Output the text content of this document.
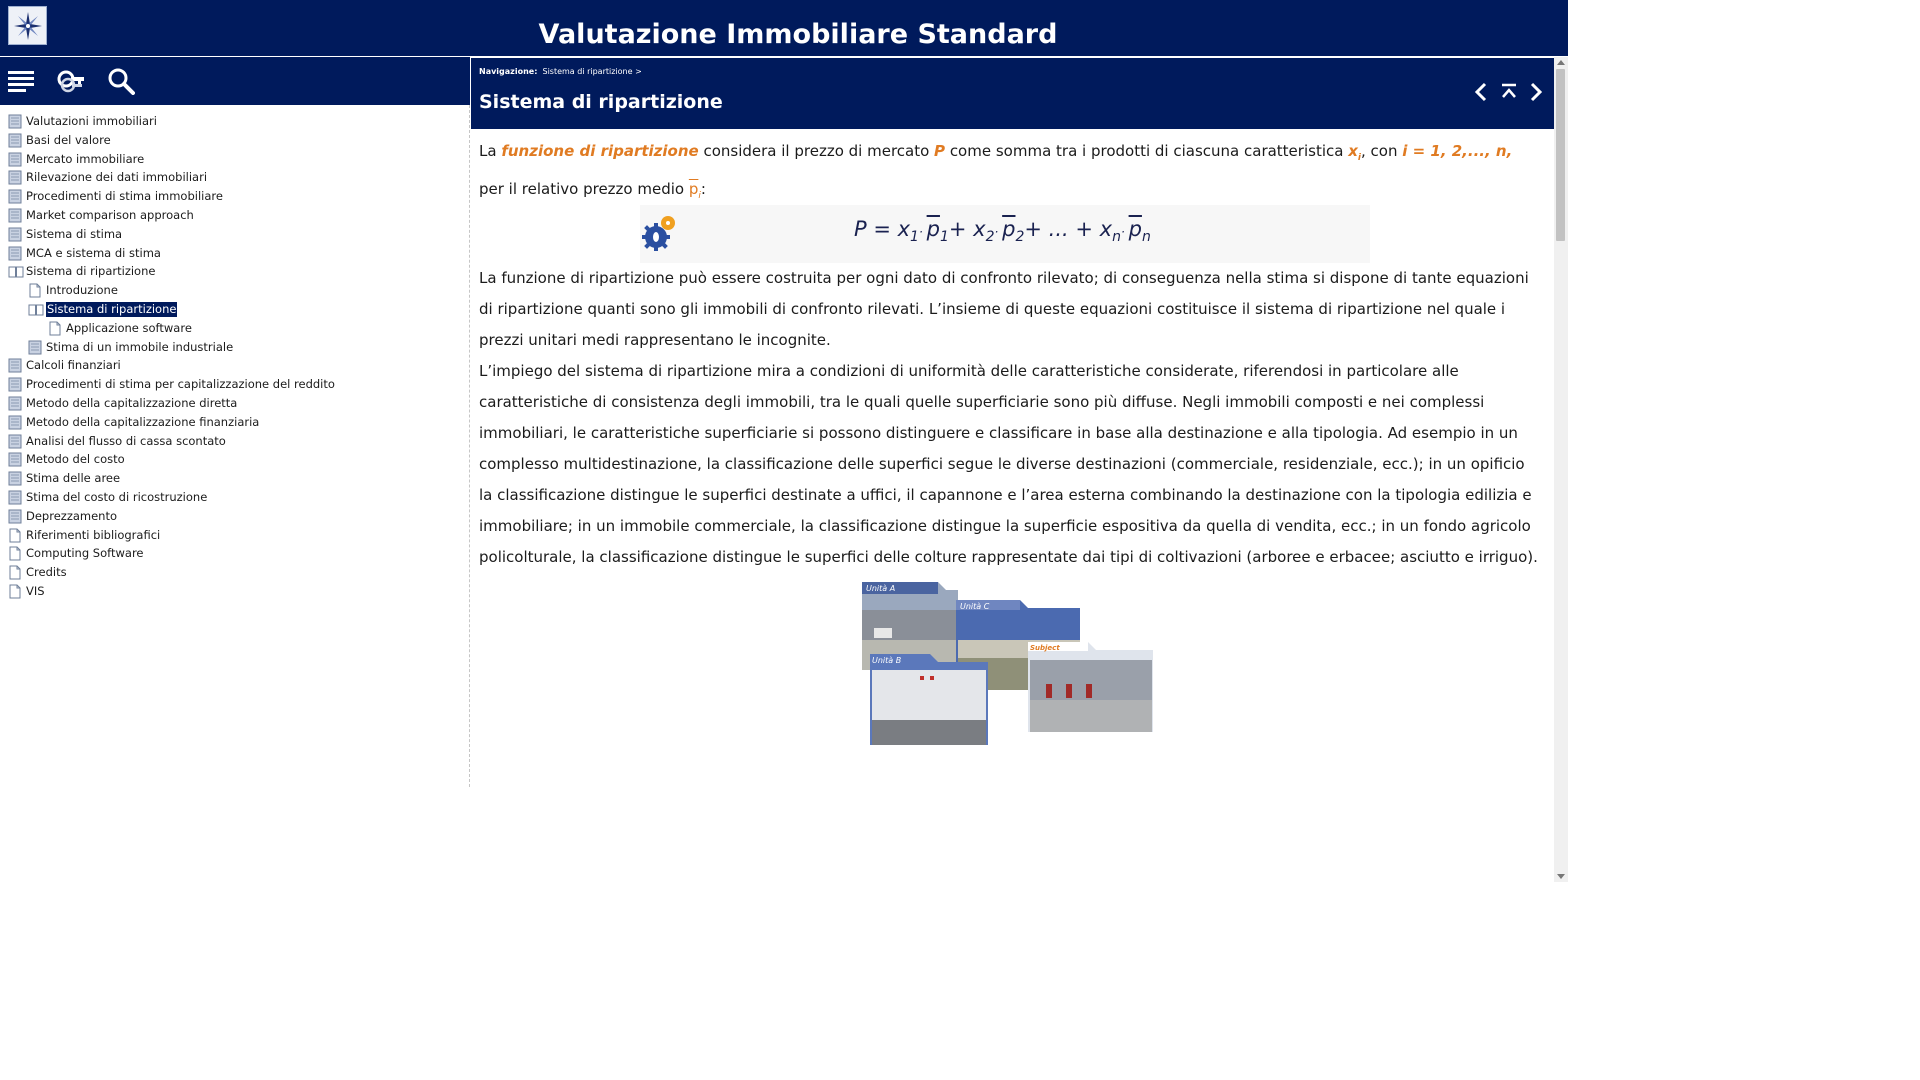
Valutazione Immobiliare Standard
Valutazioni immobiliari
Basi del valore
Mercato immobiliare
Rilevazione dei dati immobiliari
Procedimenti di stima immobiliare
Market comparison approach
Sistema di stima
MCA e sistema di stima
Sistema di ripartizione
Introduzione
Sistema di ripartizione
Applicazione software
Stima di un immobile industriale
Calcoli finanziari
Procedimenti di stima per capitalizzazione del reddito
Metodo della capitalizzazione diretta
Metodo della capitalizzazione finanziaria
Analisi del flusso di cassa scontato
Metodo del costo
Stima delle aree
Stima del costo di ricostruzione
Deprezzamento
Riferimenti bibliografici
Computing Software
Credits
VIS
Navigazione: Sistema di ripartizione >
Sistema di ripartizione
La funzione di ripartizione considera il prezzo di mercato P come somma tra i prodotti di ciascuna caratteristica $x_i$, con i = 1, 2,..., n, per il relativo prezzo medio $\overline{p}_i$:
$P = x_1\cdot \overline{p}_1+ x_2\cdot \overline{p}_2+$ ... + $x_n\cdot \overline{p}_n$
La funzione di ripartizione può essere costruita per ogni dato di confronto rilevato; di conseguenza nella stima si dispone di tante equazioni di ripartizione quanti sono gli immobili di confronto rilevati. L’insieme di queste equazioni costituisce il sistema di ripartizione nel quale i prezzi unitari medi rappresentano le incognite.
L’impiego del sistema di ripartizione mira a condizioni di uniformità delle caratteristiche considerate, riferendosi in particolare alle caratteristiche di consistenza degli immobili, tra le quali quelle superficiarie sono più diffuse. Negli immobili composti e nei complessi immobiliari, le caratteristiche superficiarie si possono distinguere e classificare in base alla destinazione e alla tipologia. Ad esempio in un complesso multidestinazione, la classificazione delle superfici segue le diverse destinazioni (commerciale, residenziale, ecc.); in un opificio la classificazione distingue le superfici destinate a uffici, il capannone e l’area esterna combinando la destinazione con la tipologia edilizia e immobiliare; in un immobile commerciale, la classificazione distingue la superficie espositiva da quella di vendita, ecc.; in un fondo agricolo policolturale, la classificazione distingue le superfici delle colture rappresentate dai tipi di coltivazioni (arboree e erbacee; asciutto e irriguo).
Unità A
Unità C
Unità B
Subject
